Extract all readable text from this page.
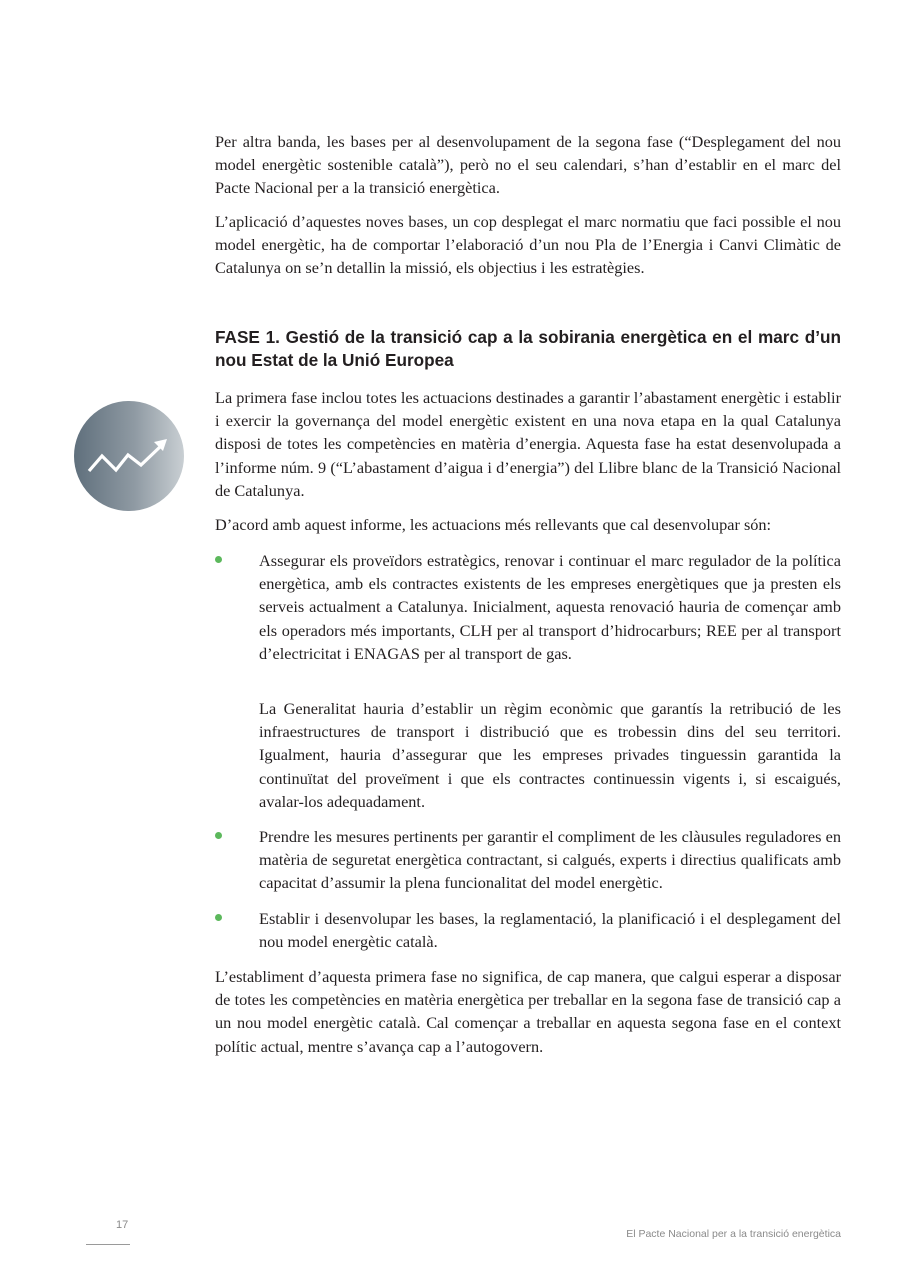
Per altra banda, les bases per al desenvolupament de la segona fase (“Desplegament del nou model energètic sostenible català”), però no el seu calendari, s’han d’establir en el marc del Pacte Nacional per a la transició energètica.

L’aplicació d’aquestes noves bases, un cop desplegat el marc normatiu que faci possible el nou model energètic, ha de comportar l’elaboració d’un nou Pla de l’Energia i Canvi Climàtic de Catalunya on se’n detallin la missió, els objectius i les estratègies.

FASE 1. Gestió de la transició cap a la sobirania energètica en el marc d’un nou Estat de la Unió Europea

La primera fase inclou totes les actuacions destinades a garantir l’abastament energètic i establir i exercir la governança del model energètic existent en una nova etapa en la qual Catalunya disposi de totes les competències en matèria d’energia. Aquesta fase ha estat desenvolupada a l’informe núm. 9 (“L’abastament d’aigua i d’energia”) del Llibre blanc de la Transició Nacional de Catalunya.

D’acord amb aquest informe, les actuacions més rellevants que cal desenvolupar són:

Assegurar els proveïdors estratègics, renovar i continuar el marc regulador de la política energètica, amb els contractes existents de les empreses energètiques que ja presten els serveis actualment a Catalunya. Inicialment, aquesta renovació hauria de començar amb els operadors més importants, CLH per al transport d’hidrocarburs; REE per al transport d’electricitat i ENAGAS per al transport de gas.

La Generalitat hauria d’establir un règim econòmic que garantís la retribució de les infraestructures de transport i distribució que es trobessin dins del seu territori. Igualment, hauria d’assegurar que les empreses privades tinguessin garantida la continuïtat del proveïment i que els contractes continuessin vigents i, si escaigués, avalar-los adequadament.

Prendre les mesures pertinents per garantir el compliment de les clàusules reguladores en matèria de seguretat energètica contractant, si calgués, experts i directius qualificats amb capacitat d’assumir la plena funcionalitat del model energètic.

Establir i desenvolupar les bases, la reglamentació, la planificació i el desplegament del nou model energètic català.

L’establiment d’aquesta primera fase no significa, de cap manera, que calgui esperar a disposar de totes les competències en matèria energètica per treballar en la segona fase de transició cap a un nou model energètic català. Cal començar a treballar en aquesta segona fase en el context polític actual, mentre s’avança cap a l’autogovern.

17
El Pacte Nacional per a la transició energètica
